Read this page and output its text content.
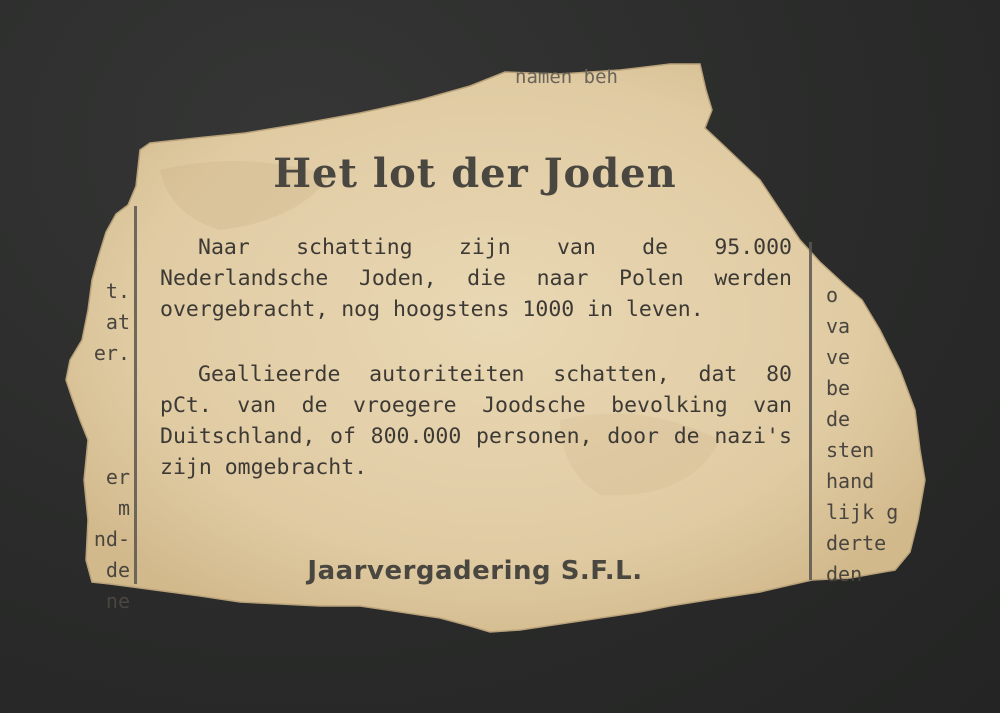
namen beh
t.
at
er.
er
m
nd-
de
ne
Het lot der Joden

Naar schatting zijn van de 95.000 Nederlandsche Joden, die naar Polen werden overgebracht, nog hoogstens 1000 in leven.

Geallieerde autoriteiten schatten, dat 80 pCt. van de vroegere Joodsche bevolking van Duitschland, of 800.000 personen, door de nazi's zijn omgebracht.

Jaarvergadering S.F.L.
o
va
ve
be
de
sten
hand
lijk g
derte
den
